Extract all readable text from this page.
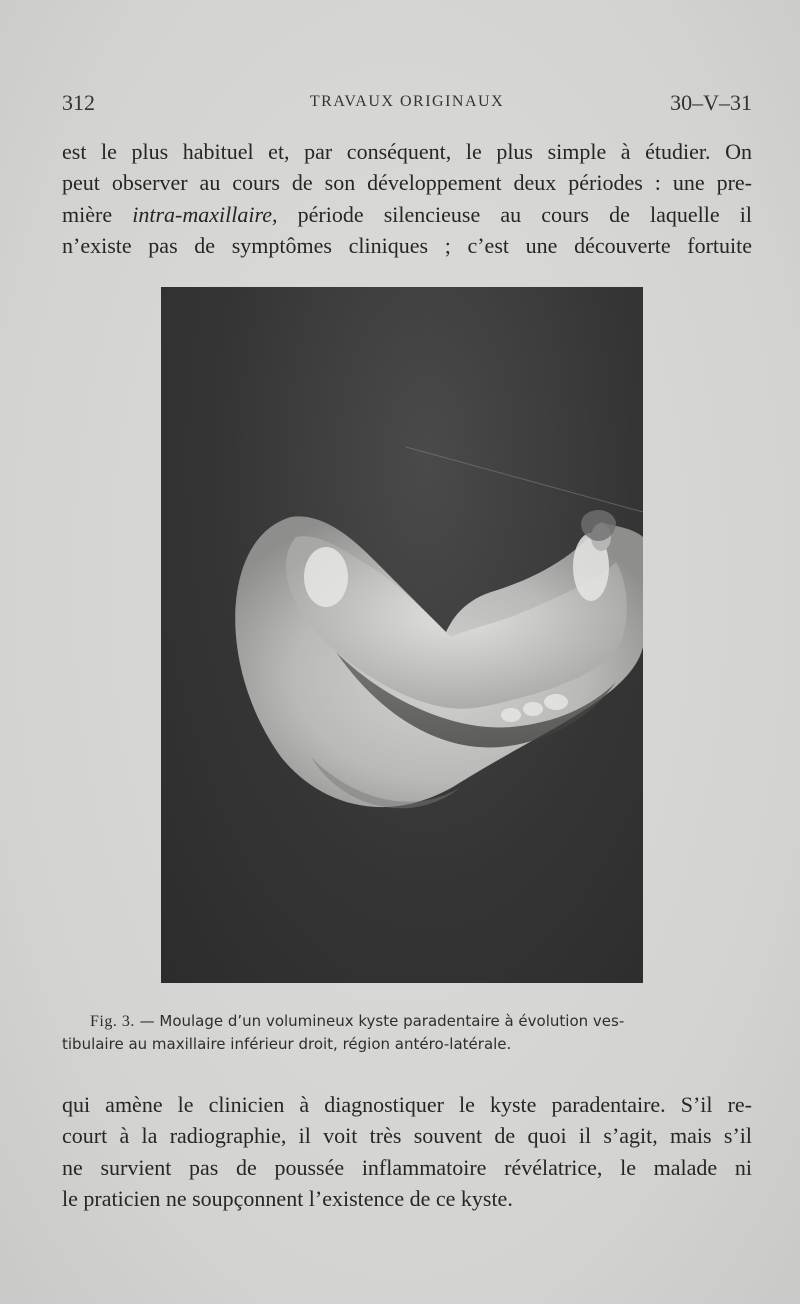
312	TRAVAUX ORIGINAUX	30–V–31
est le plus habituel et, par conséquent, le plus simple à étudier. On
peut observer au cours de son développement deux périodes : une pre-
mière intra-maxillaire, période silencieuse au cours de laquelle il
n’existe pas de symptômes cliniques ; c’est une découverte fortuite
Fig. 3. — Moulage d’un volumineux kyste paradentaire à évolution ves-
tibulaire au maxillaire inférieur droit, région antéro-latérale.
qui amène le clinicien à diagnostiquer le kyste paradentaire. S’il re-
court à la radiographie, il voit très souvent de quoi il s’agit, mais s’il
ne survient pas de poussée inflammatoire révélatrice, le malade ni
le praticien ne soupçonnent l’existence de ce kyste.
